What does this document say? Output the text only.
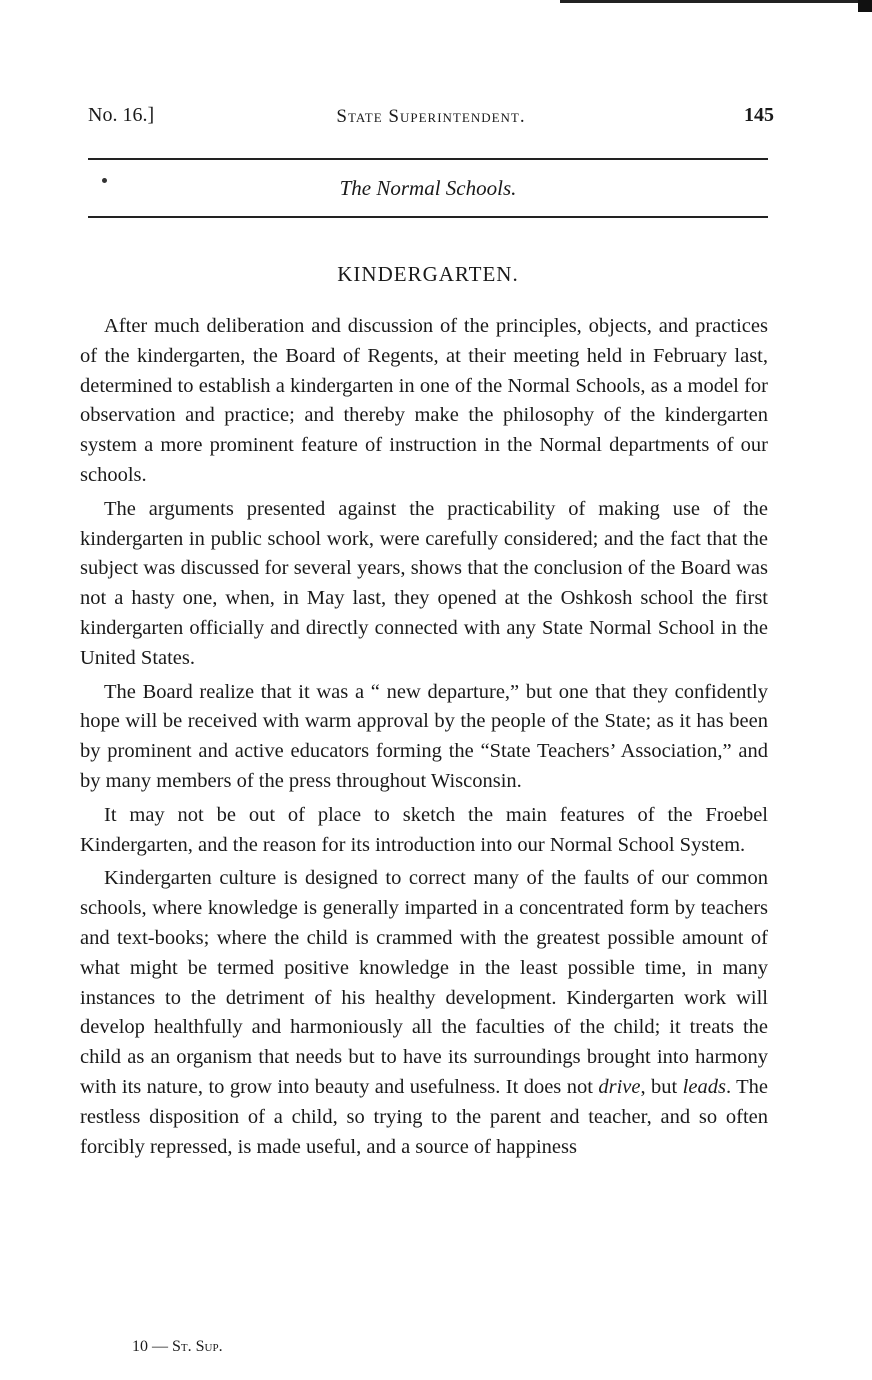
No. 16.]	State Superintendent.	145
The Normal Schools.
KINDERGARTEN.

After much deliberation and discussion of the principles, objects, and practices of the kindergarten, the Board of Regents, at their meeting held in February last, determined to establish a kindergarten in one of the Normal Schools, as a model for observation and practice; and thereby make the philosophy of the kindergarten system a more prominent feature of instruction in the Normal departments of our schools.

The arguments presented against the practicability of making use of the kindergarten in public school work, were carefully considered; and the fact that the subject was discussed for several years, shows that the conclusion of the Board was not a hasty one, when, in May last, they opened at the Oshkosh school the first kindergarten officially and directly connected with any State Normal School in the United States.

The Board realize that it was a “ new departure,” but one that they confidently hope will be received with warm approval by the people of the State; as it has been by prominent and active educators forming the “State Teachers’ Association,” and by many members of the press throughout Wisconsin.

It may not be out of place to sketch the main features of the Froebel Kindergarten, and the reason for its introduction into our Normal School System.

Kindergarten culture is designed to correct many of the faults of our common schools, where knowledge is generally imparted in a concentrated form by teachers and text-books; where the child is crammed with the greatest possible amount of what might be termed positive knowledge in the least possible time, in many instances to the detriment of his healthy development. Kindergarten work will develop healthfully and harmoniously all the faculties of the child; it treats the child as an organism that needs but to have its surroundings brought into harmony with its nature, to grow into beauty and usefulness. It does not drive, but leads. The restless disposition of a child, so trying to the parent and teacher, and so often forcibly repressed, is made useful, and a source of happiness

10 — St. Sup.
